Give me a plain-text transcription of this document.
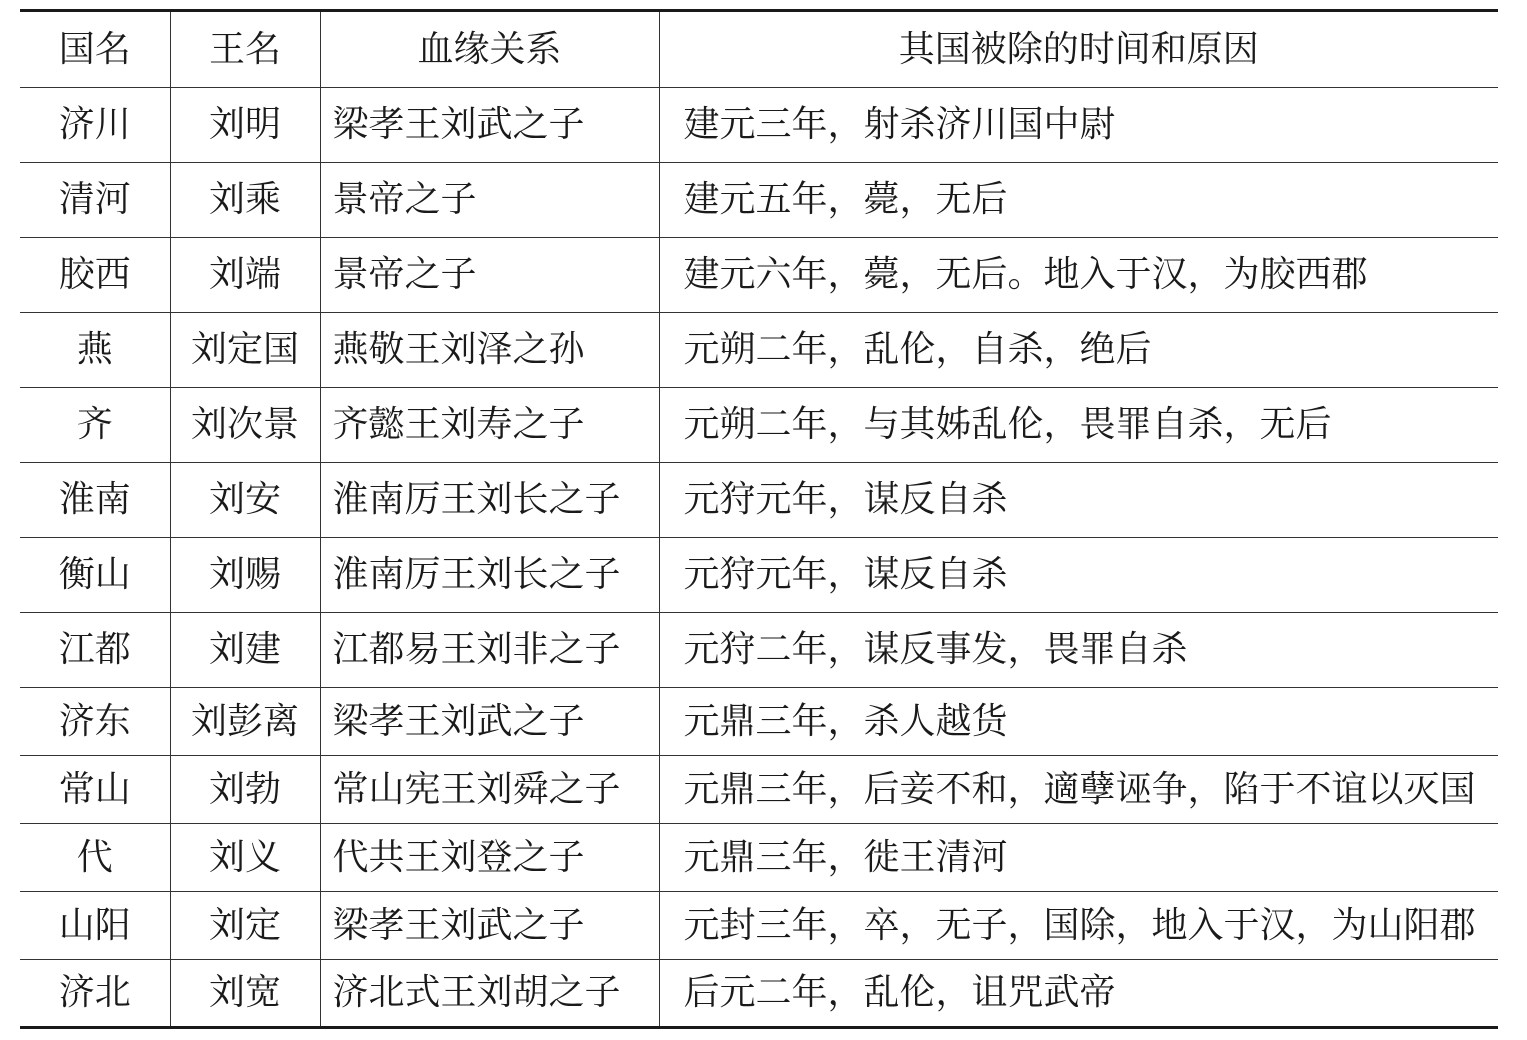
国名	王名	血缘关系	其国被除的时间和原因
济川	刘明	梁孝王刘武之子	建元三年，射杀济川国中尉
清河	刘乘	景帝之子	建元五年，薨，无后
胶西	刘端	景帝之子	建元六年，薨，无后。地入于汉，为胶西郡
燕	刘定国	燕敬王刘泽之孙	元朔二年，乱伦，自杀，绝后
齐	刘次景	齐懿王刘寿之子	元朔二年，与其姊乱伦，畏罪自杀，无后
淮南	刘安	淮南厉王刘长之子	元狩元年，谋反自杀
衡山	刘赐	淮南厉王刘长之子	元狩元年，谋反自杀
江都	刘建	江都易王刘非之子	元狩二年，谋反事发，畏罪自杀
济东	刘彭离	梁孝王刘武之子	元鼎三年，杀人越货
常山	刘勃	常山宪王刘舜之子	元鼎三年，后妾不和，適孽诬争，陷于不谊以灭国
代	刘义	代共王刘登之子	元鼎三年，徙王清河
山阳	刘定	梁孝王刘武之子	元封三年，卒，无子，国除，地入于汉，为山阳郡
济北	刘宽	济北式王刘胡之子	后元二年，乱伦，诅咒武帝
